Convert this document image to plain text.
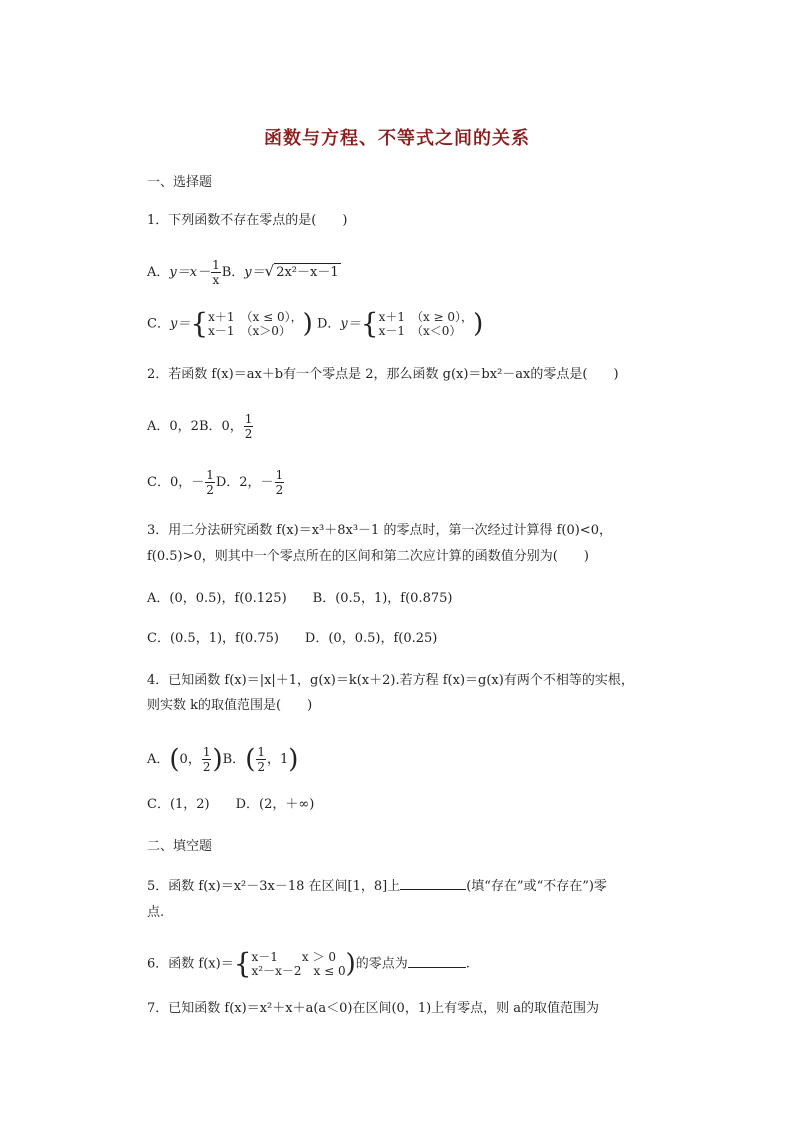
函数与方程、不等式之间的关系
一、选择题
1．下列函数不存在零点的是(　　)
A．$y=x- \frac{1}{x}$ B．y＝√ 2x²－x－1
C．y＝{ x＋1　（x ≤ 0），
x－1　（x＞0） ) D．y＝{ x＋1　（x ≥ 0），
x－1　（x＜0） )
2．若函数 f(x)＝ax＋b有一个零点是 2，那么函数 g(x)＝bx²－ax的零点是(　　)
A．0，2B．0， $\frac{1}{2}$
C．0，－ $\frac{1}{2}$ D．2，－ $\frac{1}{2}$
3．用二分法研究函数 f(x)＝x³＋8x³－1 的零点时，第一次经过计算得 f(0)<0，
f(0.5)>0，则其中一个零点所在的区间和第二次应计算的函数值分别为(　　)
A．(0，0.5)，f(0.125)　　B．(0.5，1)，f(0.875)
C．(0.5，1)，f(0.75)　　D．(0，0.5)，f(0.25)
4．已知函数 f(x)＝|x|＋1，g(x)＝k(x＋2).若方程 f(x)＝g(x)有两个不相等的实根，
则实数 k的取值范围是(　　)
A．(0， $\frac{1}{2} )B$．( $\frac{1}{2}$ ，1)
C．(1，2)　　D．(2，＋∞)
二、填空题
5．函数 f(x)＝x²－3x－18 在区间[1，8]上	(填“存在”或“不存在”)零
点.
6．函数 f(x)＝{ x－1　　x ＞ 0
x²－x－2　x ≤ 0 )的零点为	.
7．已知函数 f(x)＝x²＋x＋a(a＜0)在区间(0，1)上有零点，则 a的取值范围为
